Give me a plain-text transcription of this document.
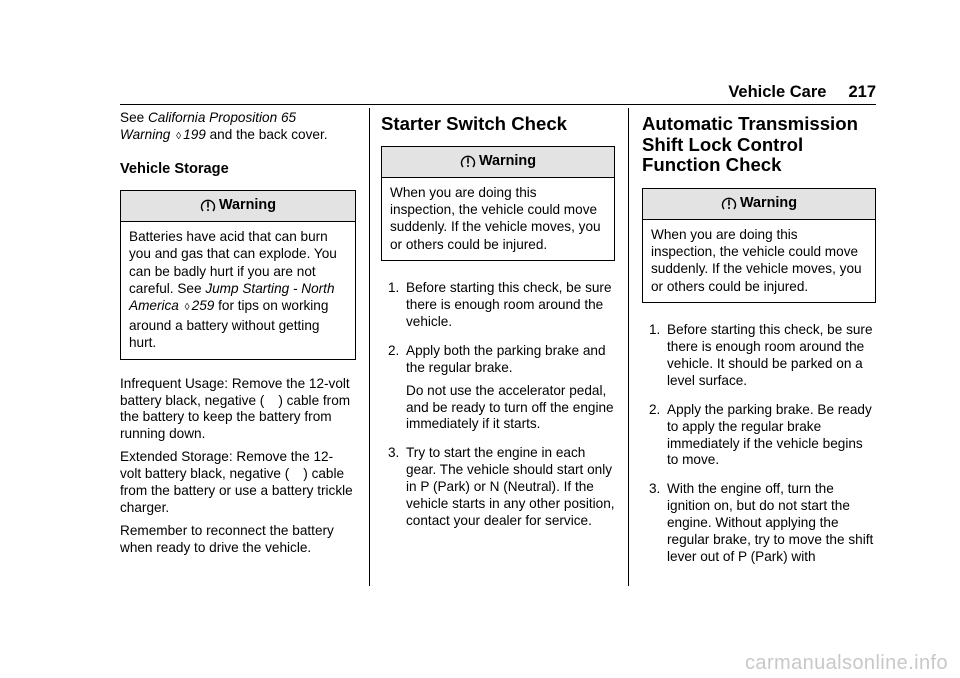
Vehicle Care 217

See California Proposition 65 Warning ◊ 199 and the back cover.

Vehicle Storage
Warning
Batteries have acid that can burn you and gas that can explode. You can be badly hurt if you are not careful. See Jump Starting - North America ◊ 259 for tips on working around a battery without getting hurt.

Infrequent Usage: Remove the 12-volt battery black, negative ( ) cable from the battery to keep the battery from running down.

Extended Storage: Remove the 12-volt battery black, negative ( ) cable from the battery or use a battery trickle charger.

Remember to reconnect the battery when ready to drive the vehicle.

Starter Switch Check
Warning
When you are doing this inspection, the vehicle could move suddenly. If the vehicle moves, you or others could be injured.
1. Before starting this check, be sure there is enough room around the vehicle.

2. Apply both the parking brake and the regular brake.

Do not use the accelerator pedal, and be ready to turn off the engine immediately if it starts.

3. Try to start the engine in each gear. The vehicle should start only in P (Park) or N (Neutral). If the vehicle starts in any other position, contact your dealer for service.

Automatic Transmission
Shift Lock Control
Function Check
Warning
When you are doing this inspection, the vehicle could move suddenly. If the vehicle moves, you or others could be injured.
1. Before starting this check, be sure there is enough room around the vehicle. It should be parked on a level surface.

2. Apply the parking brake. Be ready to apply the regular brake immediately if the vehicle begins to move.

3. With the engine off, turn the ignition on, but do not start the engine. Without applying the regular brake, try to move the shift lever out of P (Park) with

carmanualsonline.info
